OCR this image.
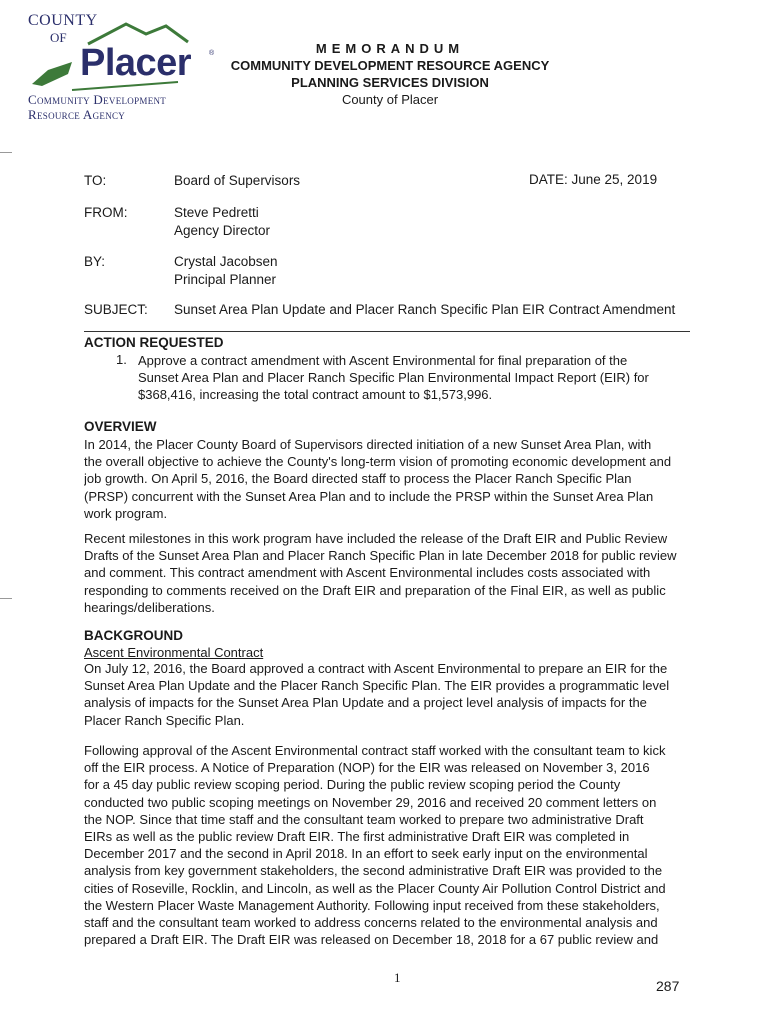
COUNTY
OF
Placer	®
Community Development
Resource Agency
MEMORANDUM
COMMUNITY DEVELOPMENT RESOURCE AGENCY
PLANNING SERVICES DIVISION
County of Placer
TO:	Board of Supervisors	DATE: June 25, 2019
FROM:	Steve Pedretti
Agency Director
BY:	Crystal Jacobsen
Principal Planner
SUBJECT:	Sunset Area Plan Update and Placer Ranch Specific Plan EIR Contract Amendment
ACTION REQUESTED
1. Approve a contract amendment with Ascent Environmental for final preparation of the
Sunset Area Plan and Placer Ranch Specific Plan Environmental Impact Report (EIR) for
$368,416, increasing the total contract amount to $1,573,996.
OVERVIEW
In 2014, the Placer County Board of Supervisors directed initiation of a new Sunset Area Plan, with
the overall objective to achieve the County's long-term vision of promoting economic development and
job growth. On April 5, 2016, the Board directed staff to process the Placer Ranch Specific Plan
(PRSP) concurrent with the Sunset Area Plan and to include the PRSP within the Sunset Area Plan
work program.
Recent milestones in this work program have included the release of the Draft EIR and Public Review
Drafts of the Sunset Area Plan and Placer Ranch Specific Plan in late December 2018 for public review
and comment. This contract amendment with Ascent Environmental includes costs associated with
responding to comments received on the Draft EIR and preparation of the Final EIR, as well as public
hearings/deliberations.
BACKGROUND
Ascent Environmental Contract
On July 12, 2016, the Board approved a contract with Ascent Environmental to prepare an EIR for the
Sunset Area Plan Update and the Placer Ranch Specific Plan. The EIR provides a programmatic level
analysis of impacts for the Sunset Area Plan Update and a project level analysis of impacts for the
Placer Ranch Specific Plan.
Following approval of the Ascent Environmental contract staff worked with the consultant team to kick
off the EIR process. A Notice of Preparation (NOP) for the EIR was released on November 3, 2016
for a 45 day public review scoping period. During the public review scoping period the County
conducted two public scoping meetings on November 29, 2016 and received 20 comment letters on
the NOP. Since that time staff and the consultant team worked to prepare two administrative Draft
EIRs as well as the public review Draft EIR. The first administrative Draft EIR was completed in
December 2017 and the second in April 2018. In an effort to seek early input on the environmental
analysis from key government stakeholders, the second administrative Draft EIR was provided to the
cities of Roseville, Rocklin, and Lincoln, as well as the Placer County Air Pollution Control District and
the Western Placer Waste Management Authority. Following input received from these stakeholders,
staff and the consultant team worked to address concerns related to the environmental analysis and
prepared a Draft EIR. The Draft EIR was released on December 18, 2018 for a 67 public review and
1
287
